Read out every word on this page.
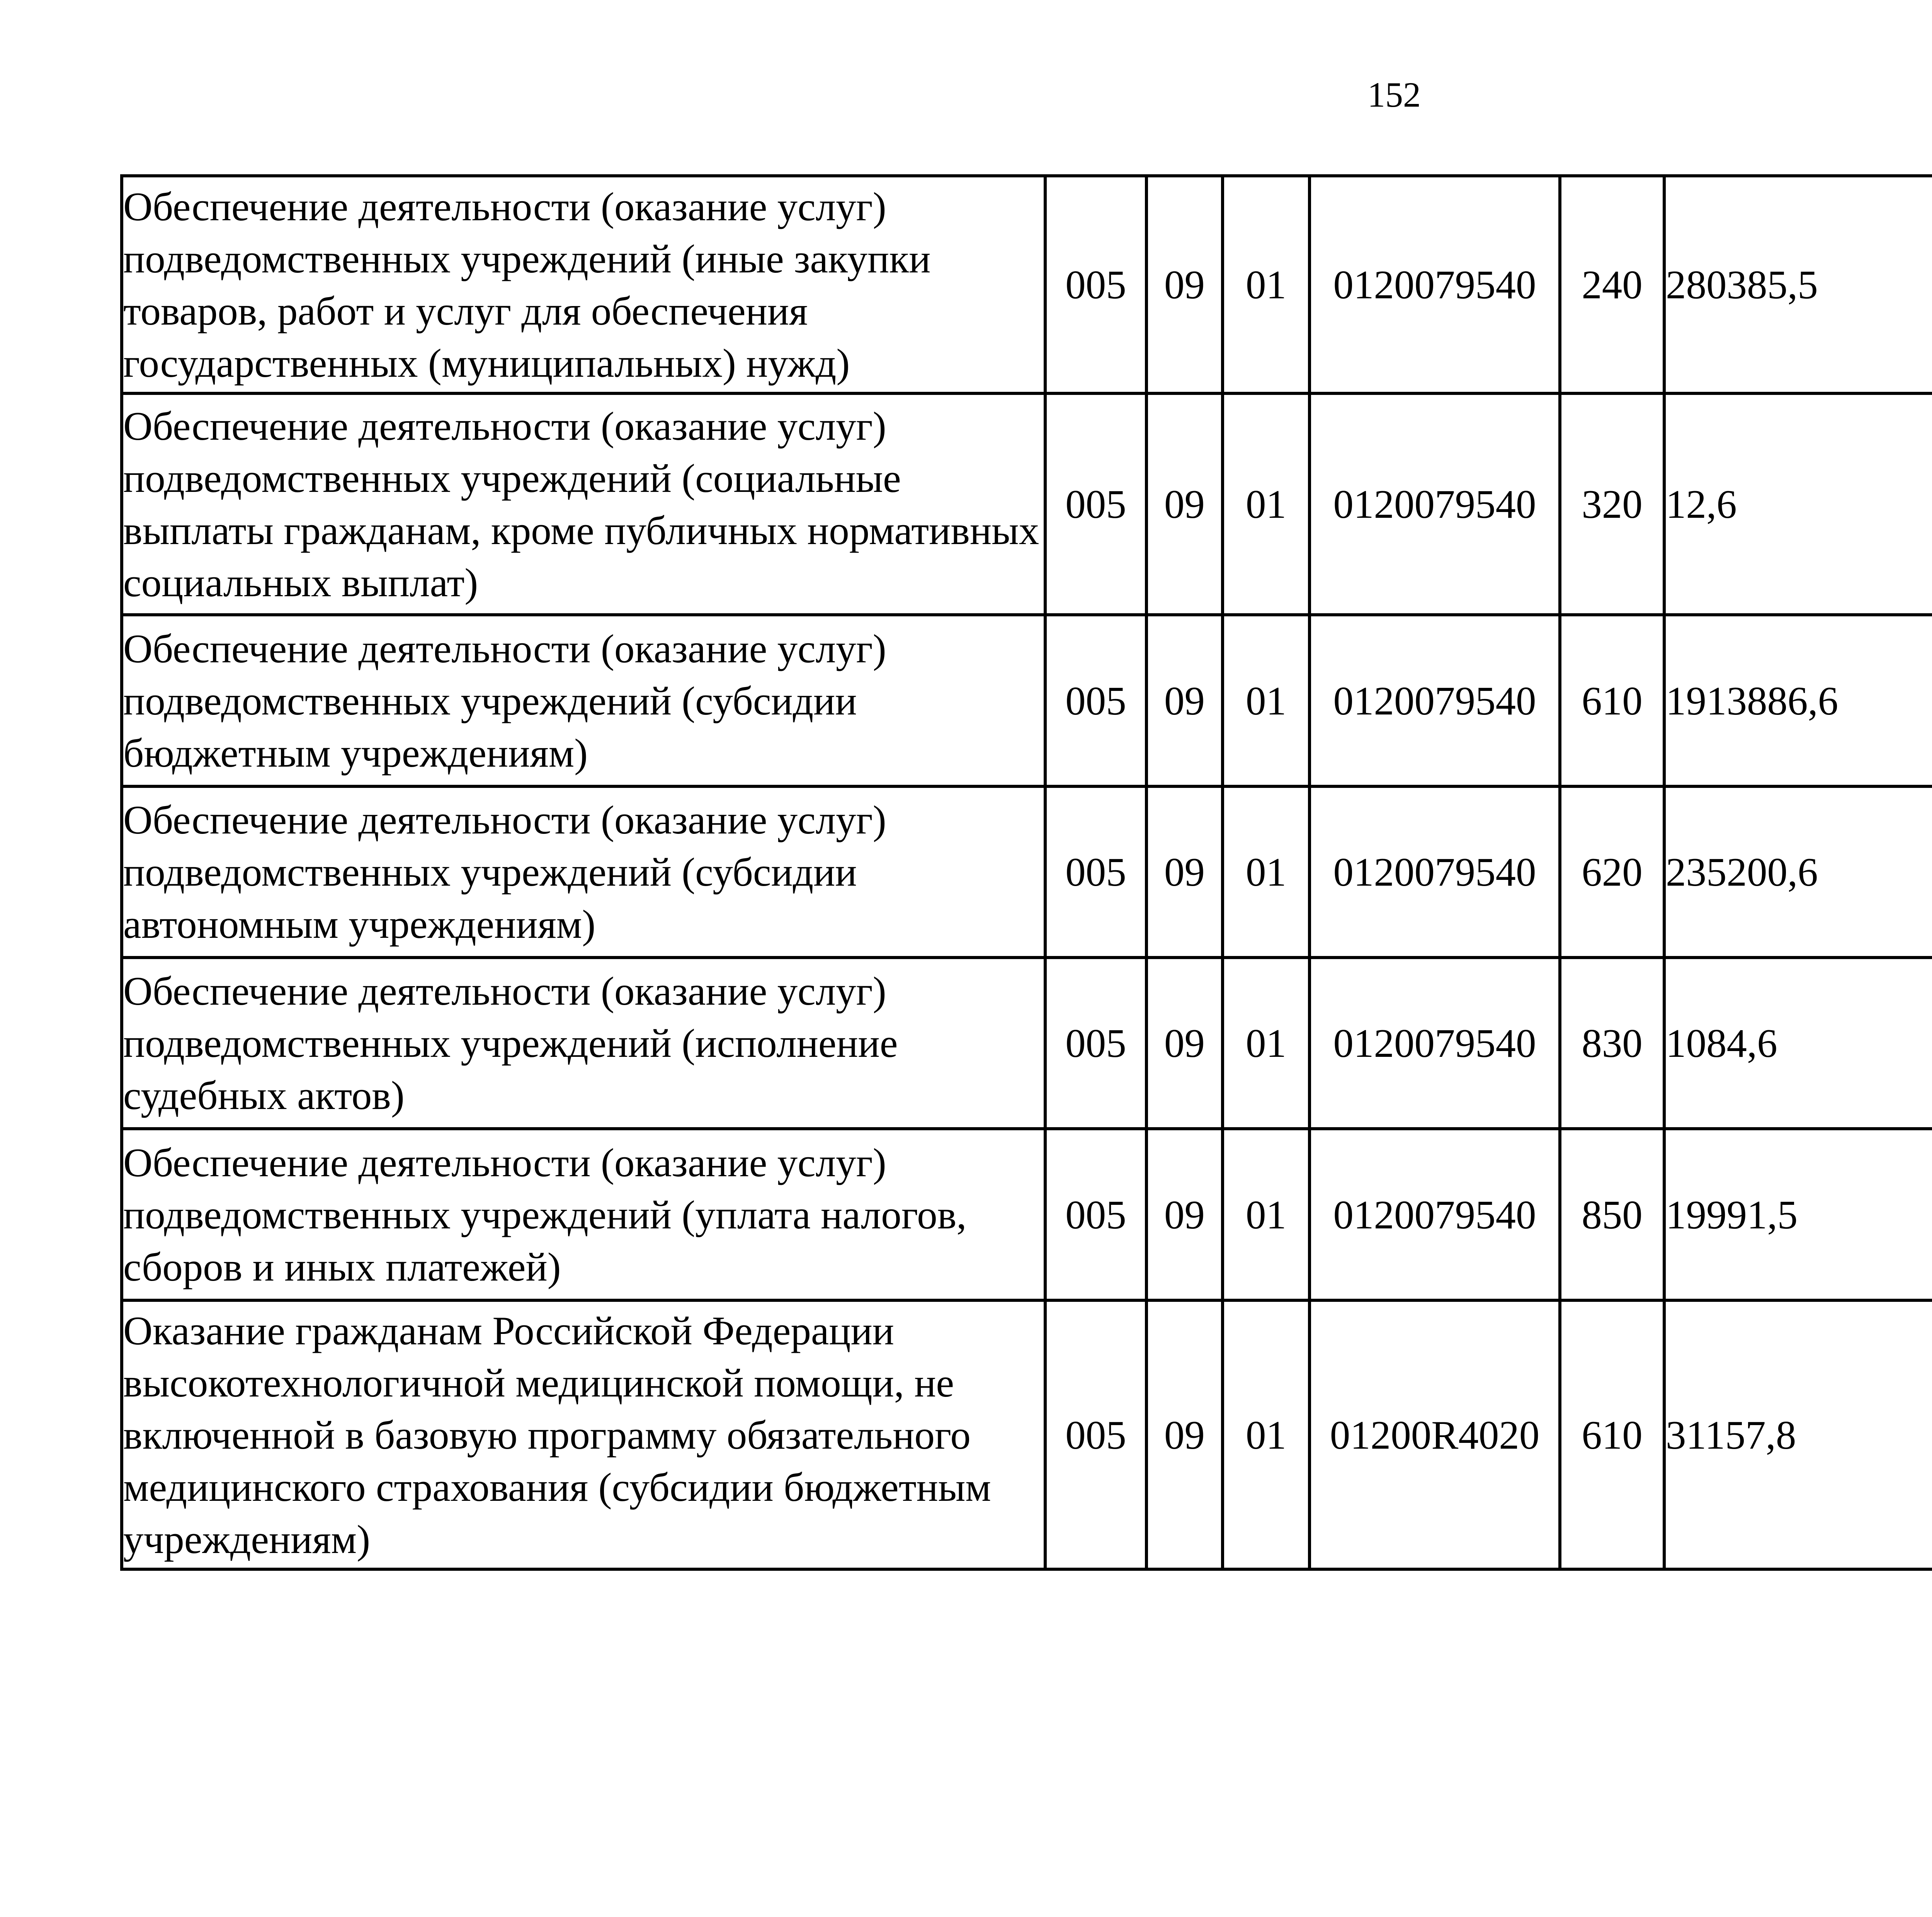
152
Обеспечение деятельности (оказание услуг) подведомственных учреждений (иные закупки товаров, работ и услуг для обеспечения государственных (муниципальных) нужд)	005	09	01	0120079540	240	280385,5		
Обеспечение деятельности (оказание услуг) подведомственных учреждений (социальные выплаты гражданам, кроме публичных нормативных социальных выплат)	005	09	01	0120079540	320	12,6		
Обеспечение деятельности (оказание услуг) подведомственных учреждений (субсидии бюджетным учреждениям)	005	09	01	0120079540	610	1913886,6		
Обеспечение деятельности (оказание услуг) подведомственных учреждений (субсидии автономным учреждениям)	005	09	01	0120079540	620	235200,6		
Обеспечение деятельности (оказание услуг) подведомственных учреждений (исполнение судебных актов)	005	09	01	0120079540	830	1084,6		
Обеспечение деятельности (оказание услуг) подведомственных учреждений (уплата налогов, сборов и иных платежей)	005	09	01	0120079540	850	19991,5		
Оказание гражданам Российской Федерации высокотехнологичной медицинской помощи, не включенной в базовую программу обязательного медицинского страхования (субсидии бюджетным учреждениям)	005	09	01	01200R4020	610	31157,8		
